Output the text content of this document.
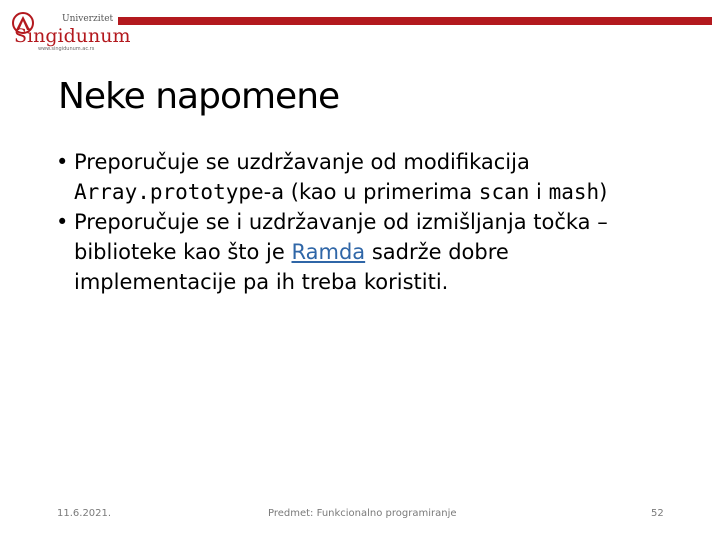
Univerzitet
Singidunum
www.singidunum.ac.rs
Neke napomene
• Preporučuje se uzdržavanje od modifikacija Array.prototype-a (kao u primerima scan i mash)
• Preporučuje se i uzdržavanje od izmišljanja točka – biblioteke kao što je Ramda sadrže dobre implementacije pa ih treba koristiti.
11.6.2021.	Predmet: Funkcionalno programiranje	52
